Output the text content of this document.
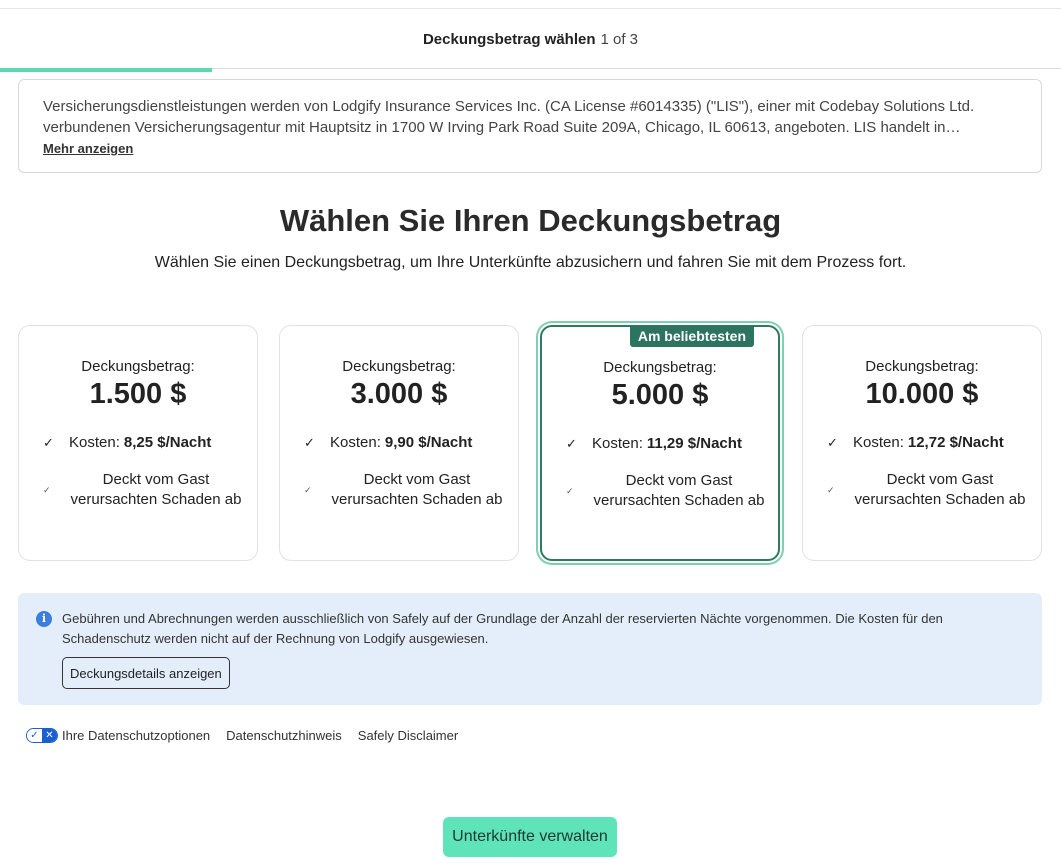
Deckungsbetrag wählen 1 of 3
Versicherungsdienstleistungen werden von Lodgify Insurance Services Inc. (CA License #6014335) ("LIS"), einer mit Codebay Solutions Ltd. verbundenen Versicherungsagentur mit Hauptsitz in 1700 W Irving Park Road Suite 209A, Chicago, IL 60613, angeboten. LIS handelt in…
Mehr anzeigen
Wählen Sie Ihren Deckungsbetrag

Wählen Sie einen Deckungsbetrag, um Ihre Unterkünfte abzusichern und fahren Sie mit dem Prozess fort.

Deckungsbetrag:
1.500 $
✓	Kosten: 8,25 $/Nacht
✓
Deckt vom Gast verursachten Schaden ab
Deckungsbetrag:
3.000 $
✓	Kosten: 9,90 $/Nacht
✓
Deckt vom Gast verursachten Schaden ab
Am beliebtesten
Deckungsbetrag:
5.000 $
✓	Kosten: 11,29 $/Nacht
✓
Deckt vom Gast verursachten Schaden ab
Deckungsbetrag:
10.000 $
✓	Kosten: 12,72 $/Nacht
✓
Deckt vom Gast verursachten Schaden ab
i	Gebühren und Abrechnungen werden ausschließlich von Safely auf der Grundlage der Anzahl der reservierten Nächte vorgenommen. Die Kosten für den Schadenschutz werden nicht auf der Rechnung von Lodgify ausgewiesen.

Deckungsdetails anzeigen
✓ ✕ Ihre Datenschutzoptionen Datenschutzhinweis Safely Disclaimer
Unterkünfte verwalten
